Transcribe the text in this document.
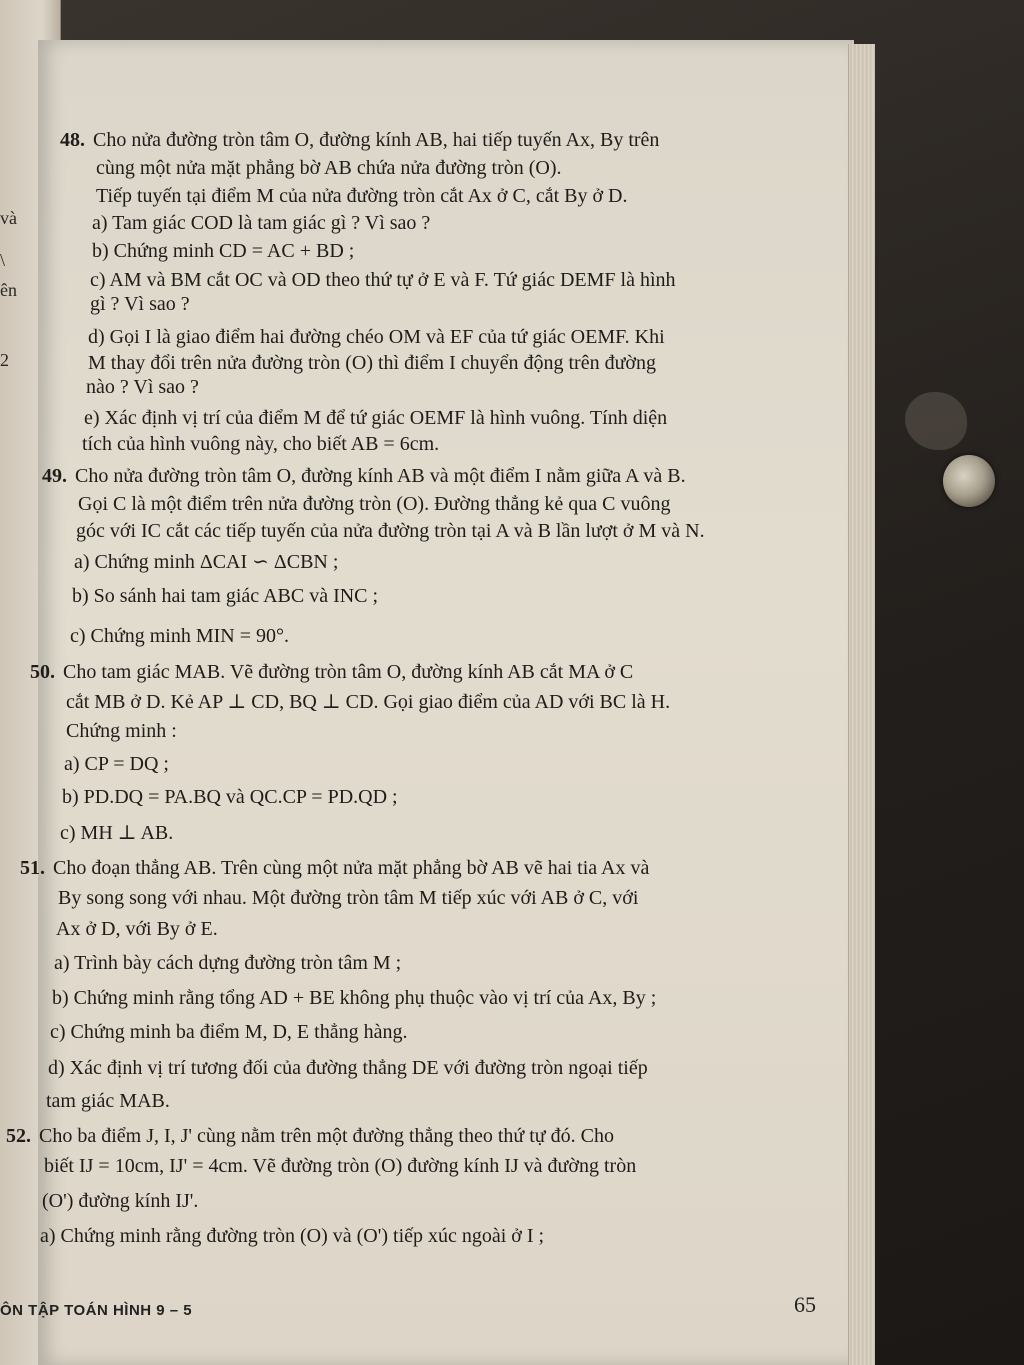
và
\
ên
2
48. Cho nửa đường tròn tâm O, đường kính AB, hai tiếp tuyến Ax, By trên
cùng một nửa mặt phẳng bờ AB chứa nửa đường tròn (O).
Tiếp tuyến tại điểm M của nửa đường tròn cắt Ax ở C, cắt By ở D.
a) Tam giác COD là tam giác gì ? Vì sao ?
b) Chứng minh CD = AC + BD ;
c) AM và BM cắt OC và OD theo thứ tự ở E và F. Tứ giác DEMF là hình
gì ? Vì sao ?
d) Gọi I là giao điểm hai đường chéo OM và EF của tứ giác OEMF. Khi
M thay đổi trên nửa đường tròn (O) thì điểm I chuyển động trên đường
nào ? Vì sao ?
e) Xác định vị trí của điểm M để tứ giác OEMF là hình vuông. Tính diện
tích của hình vuông này, cho biết AB = 6cm.
49. Cho nửa đường tròn tâm O, đường kính AB và một điểm I nằm giữa A và B.
Gọi C là một điểm trên nửa đường tròn (O). Đường thẳng kẻ qua C vuông
góc với IC cắt các tiếp tuyến của nửa đường tròn tại A và B lần lượt ở M và N.
a) Chứng minh ΔCAI ∽ ΔCBN ;
b) So sánh hai tam giác ABC và INC ;
c) Chứng minh MIN = 90°.
50. Cho tam giác MAB. Vẽ đường tròn tâm O, đường kính AB cắt MA ở C
cắt MB ở D. Kẻ AP ⊥ CD, BQ ⊥ CD. Gọi giao điểm của AD với BC là H.
Chứng minh :
a) CP = DQ ;
b) PD.DQ = PA.BQ và QC.CP = PD.QD ;
c) MH ⊥ AB.
51. Cho đoạn thẳng AB. Trên cùng một nửa mặt phẳng bờ AB vẽ hai tia Ax và
By song song với nhau. Một đường tròn tâm M tiếp xúc với AB ở C, với
Ax ở D, với By ở E.
a) Trình bày cách dựng đường tròn tâm M ;
b) Chứng minh rằng tổng AD + BE không phụ thuộc vào vị trí của Ax, By ;
c) Chứng minh ba điểm M, D, E thẳng hàng.
d) Xác định vị trí tương đối của đường thẳng DE với đường tròn ngoại tiếp
tam giác MAB.
52. Cho ba điểm J, I, J' cùng nằm trên một đường thẳng theo thứ tự đó. Cho
biết IJ = 10cm, IJ' = 4cm. Vẽ đường tròn (O) đường kính IJ và đường tròn
(O') đường kính IJ'.
a) Chứng minh rằng đường tròn (O) và (O') tiếp xúc ngoài ở I ;
ÔN TẬP TOÁN HÌNH 9 – 5	65
